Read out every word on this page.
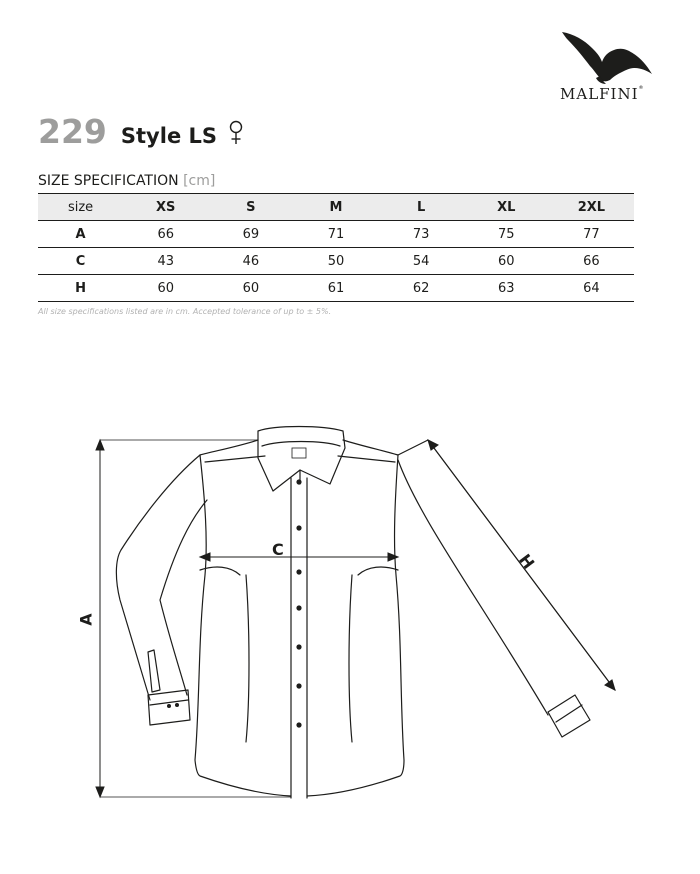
MALFINI®
229 Style LS
SIZE SPECIFICATION [cm]
size	XS	S	M	L	XL	2XL
A	66	69	71	73	75	77
C	43	46	50	54	60	66
H	60	60	61	62	63	64
All size specifications listed are in cm. Accepted tolerance of up to ± 5%.
A
C
H
